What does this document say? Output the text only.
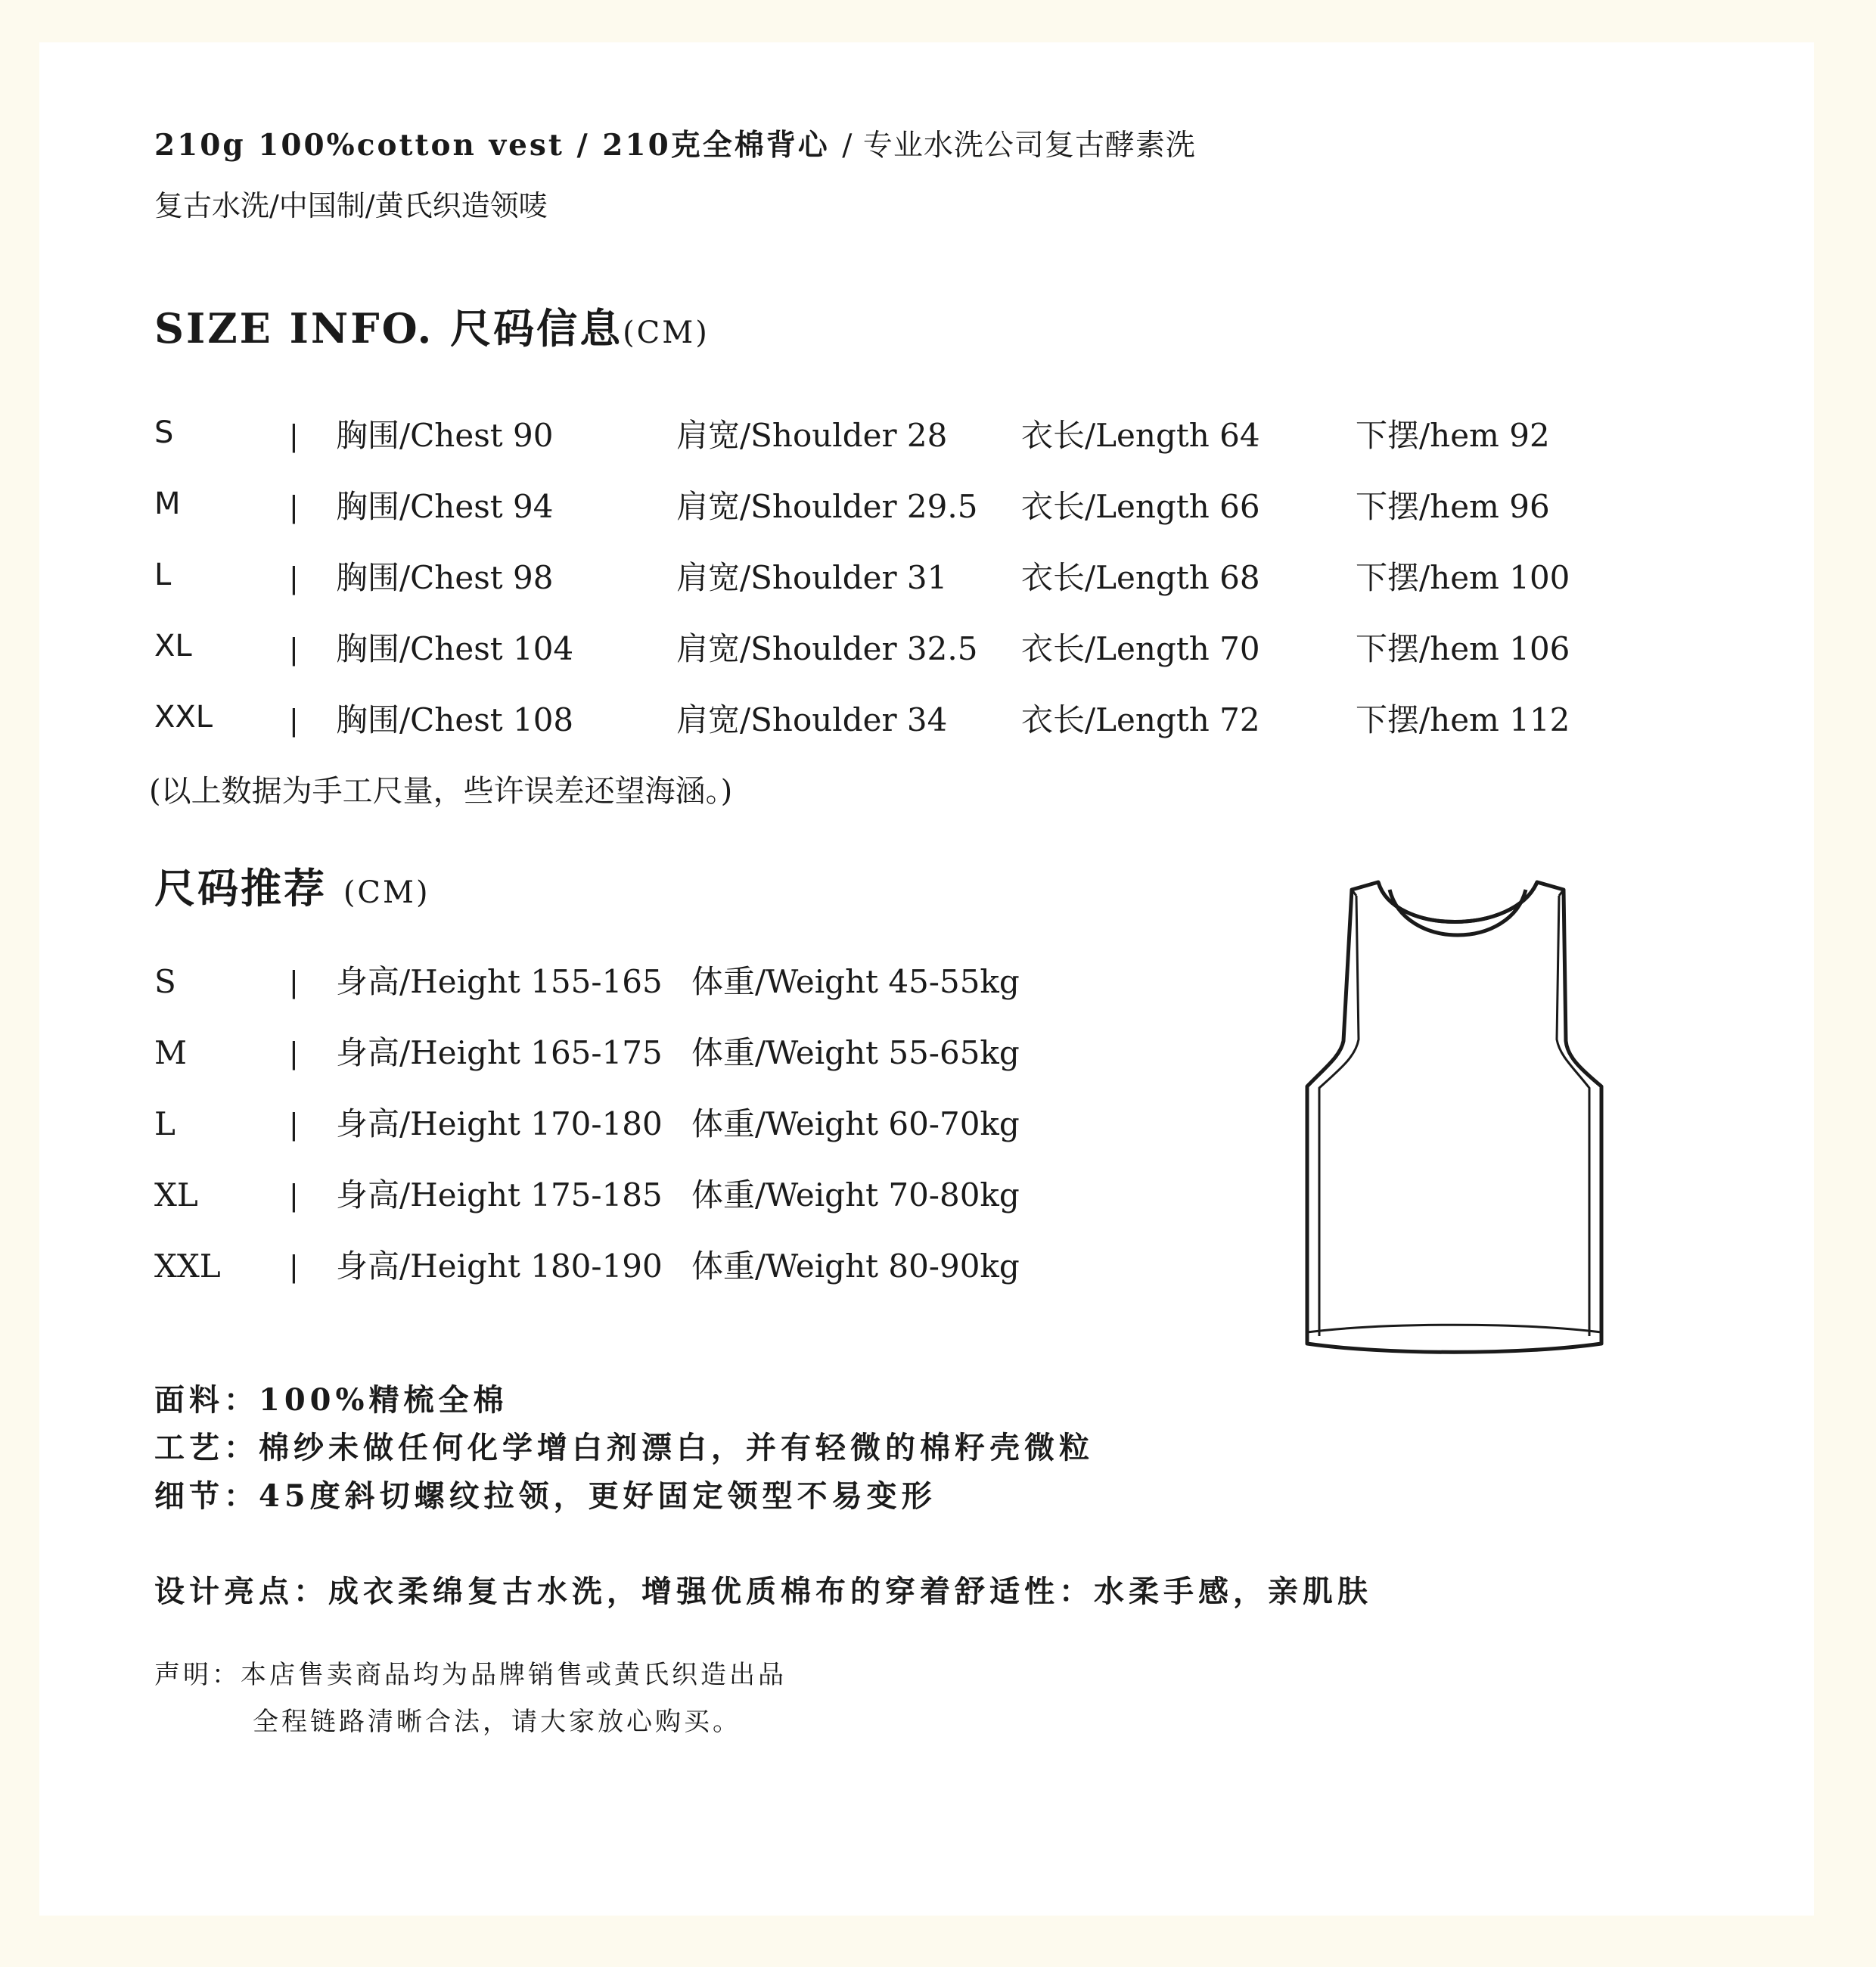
210g 100%cotton vest / 210克全棉背心 / 专业水洗公司复古酵素洗
复古水洗/中国制/黄氏织造领唛
SIZE INFO. 尺码信息(CM)
S	| 胸围/Chest 90	肩宽/Shoulder 28 衣长/Length 64	下摆/hem 92
M	| 胸围/Chest 94	肩宽/Shoulder 29.5 衣长/Length 66	下摆/hem 96
L	| 胸围/Chest 98	肩宽/Shoulder 31 衣长/Length 68	下摆/hem 100
XL	| 胸围/Chest 104	肩宽/Shoulder 32.5 衣长/Length 70	下摆/hem 106
XXL	| 胸围/Chest 108	肩宽/Shoulder 34 衣长/Length 72	下摆/hem 112
(以上数据为手工尺量，些许误差还望海涵。)
尺码推荐 (CM)
S	| 身高/Height 155-165 体重/Weight 45-55kg
M	| 身高/Height 165-175 体重/Weight 55-65kg
L	| 身高/Height 170-180 体重/Weight 60-70kg
XL	| 身高/Height 175-185 体重/Weight 70-80kg
XXL | 身高/Height 180-190 体重/Weight 80-90kg
面料：100%精梳全棉
工艺：棉纱未做任何化学增白剂漂白，并有轻微的棉籽壳微粒
细节：45度斜切螺纹拉领，更好固定领型不易变形
设计亮点：成衣柔绵复古水洗，增强优质棉布的穿着舒适性：水柔手感，亲肌肤
声明：本店售卖商品均为品牌销售或黄氏织造出品
全程链路清晰合法，请大家放心购买。
